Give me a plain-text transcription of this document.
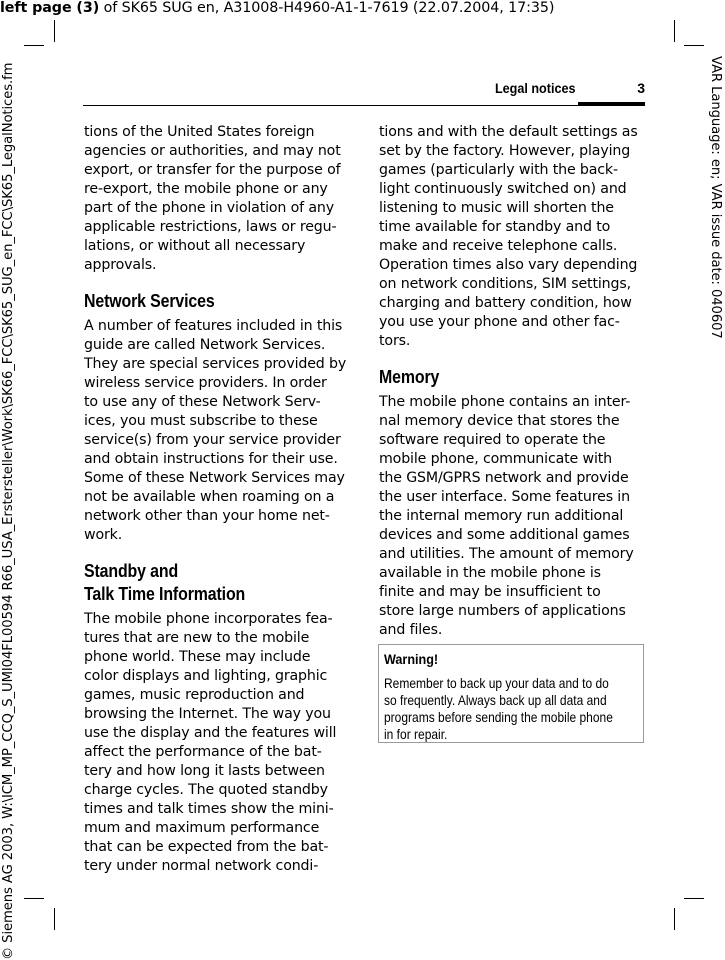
left page (3) of SK65 SUG en, A31008-H4960-A1-1-7619 (22.07.2004, 17:35)
© Siemens AG 2003, W:\ICM_MP_CCQ_S_UMI04FL00594 R66_USA_Erstersteller\Work\SK66_FCC\SK65_SUG_en_FCC\SK65_LegalNotices.fm	VAR Language: en; VAR issue date: 040607
Legal notices	3

tions of the United States foreign
agencies or authorities, and may not
export, or transfer for the purpose of
re-export, the mobile phone or any
part of the phone in violation of any
applicable restrictions, laws or regu-
lations, or without all necessary
approvals.

Network Services

A number of features included in this
guide are called Network Services.
They are special services provided by
wireless service providers. In order
to use any of these Network Serv-
ices, you must subscribe to these
service(s) from your service provider
and obtain instructions for their use.
Some of these Network Services may
not be available when roaming on a
network other than your home net-
work.

Standby and
Talk Time Information

The mobile phone incorporates fea-
tures that are new to the mobile
phone world. These may include
color displays and lighting, graphic
games, music reproduction and
browsing the Internet. The way you
use the display and the features will
affect the performance of the bat-
tery and how long it lasts between
charge cycles. The quoted standby
times and talk times show the mini-
mum and maximum performance
that can be expected from the bat-
tery under normal network condi-

tions and with the default settings as
set by the factory. However, playing
games (particularly with the back-
light continuously switched on) and
listening to music will shorten the
time available for standby and to
make and receive telephone calls.
Operation times also vary depending
on network conditions, SIM settings,
charging and battery condition, how
you use your phone and other fac-
tors.

Memory

The mobile phone contains an inter-
nal memory device that stores the
software required to operate the
mobile phone, communicate with
the GSM/GPRS network and provide
the user interface. Some features in
the internal memory run additional
devices and some additional games
and utilities. The amount of memory
available in the mobile phone is
finite and may be insufficient to
store large numbers of applications
and files.

Warning!
Remember to back up your data and to do
so frequently. Always back up all data and
programs before sending the mobile phone
in for repair.
